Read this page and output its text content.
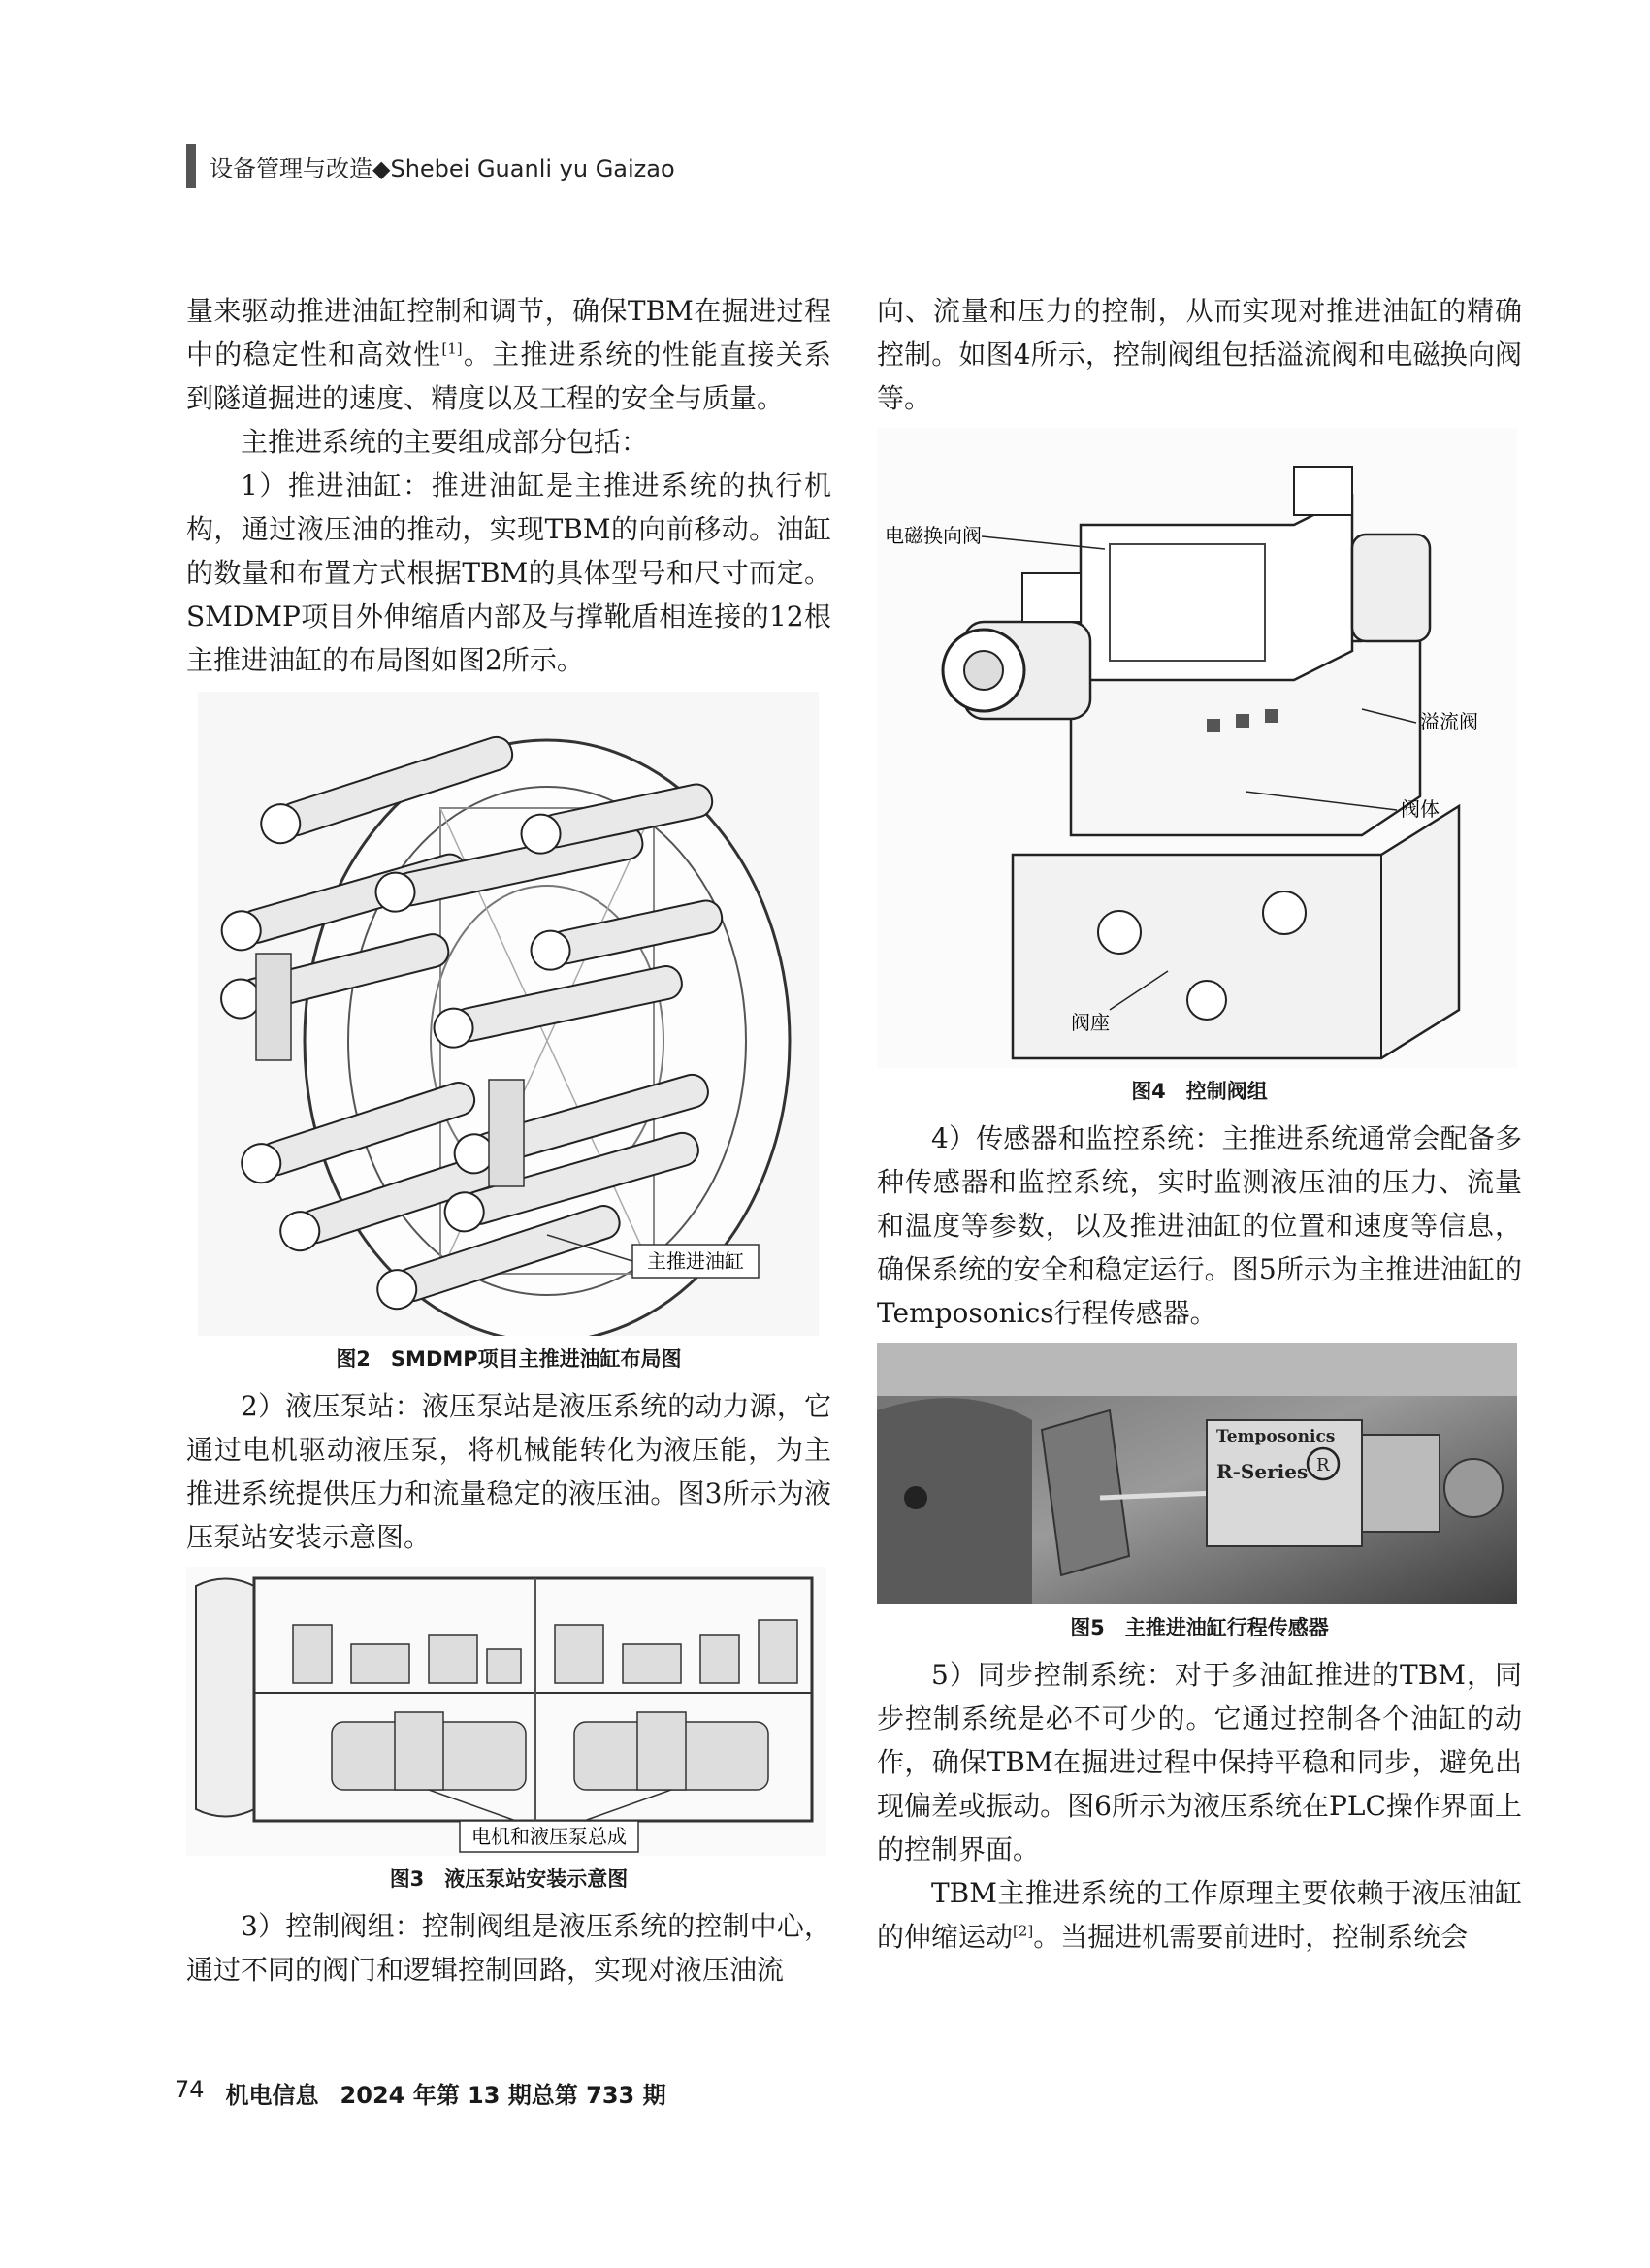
设备管理与改造◆Shebei Guanli yu Gaizao

量来驱动推进油缸控制和调节，确保TBM在掘进过程中的稳定性和高效性[1]。主推进系统的性能直接关系到隧道掘进的速度、精度以及工程的安全与质量。

主推进系统的主要组成部分包括：

1）推进油缸：推进油缸是主推进系统的执行机构，通过液压油的推动，实现TBM的向前移动。油缸的数量和布置方式根据TBM的具体型号和尺寸而定。SMDMP项目外伸缩盾内部及与撑靴盾相连接的12根主推进油缸的布局图如图2所示。

主推进油缸
图2　SMDMP项目主推进油缸布局图

2）液压泵站：液压泵站是液压系统的动力源，它通过电机驱动液压泵，将机械能转化为液压能，为主推进系统提供压力和流量稳定的液压油。图3所示为液压泵站安装示意图。

电机和液压泵总成
图3　液压泵站安装示意图

3）控制阀组：控制阀组是液压系统的控制中心，通过不同的阀门和逻辑控制回路，实现对液压油流

向、流量和压力的控制，从而实现对推进油缸的精确控制。如图4所示，控制阀组包括溢流阀和电磁换向阀等。

电磁换向阀
溢流阀
阀体
阀座
图4　控制阀组

4）传感器和监控系统：主推进系统通常会配备多种传感器和监控系统，实时监测液压油的压力、流量和温度等参数，以及推进油缸的位置和速度等信息，确保系统的安全和稳定运行。图5所示为主推进油缸的Temposonics行程传感器。

Temposonics
R-Series R
图5　主推进油缸行程传感器

5）同步控制系统：对于多油缸推进的TBM，同步控制系统是必不可少的。它通过控制各个油缸的动作，确保TBM在掘进过程中保持平稳和同步，避免出现偏差或振动。图6所示为液压系统在PLC操作界面上的控制界面。

TBM主推进系统的工作原理主要依赖于液压油缸的伸缩运动[2]。当掘进机需要前进时，控制系统会

74 机电信息 2024 年第 13 期总第 733 期
